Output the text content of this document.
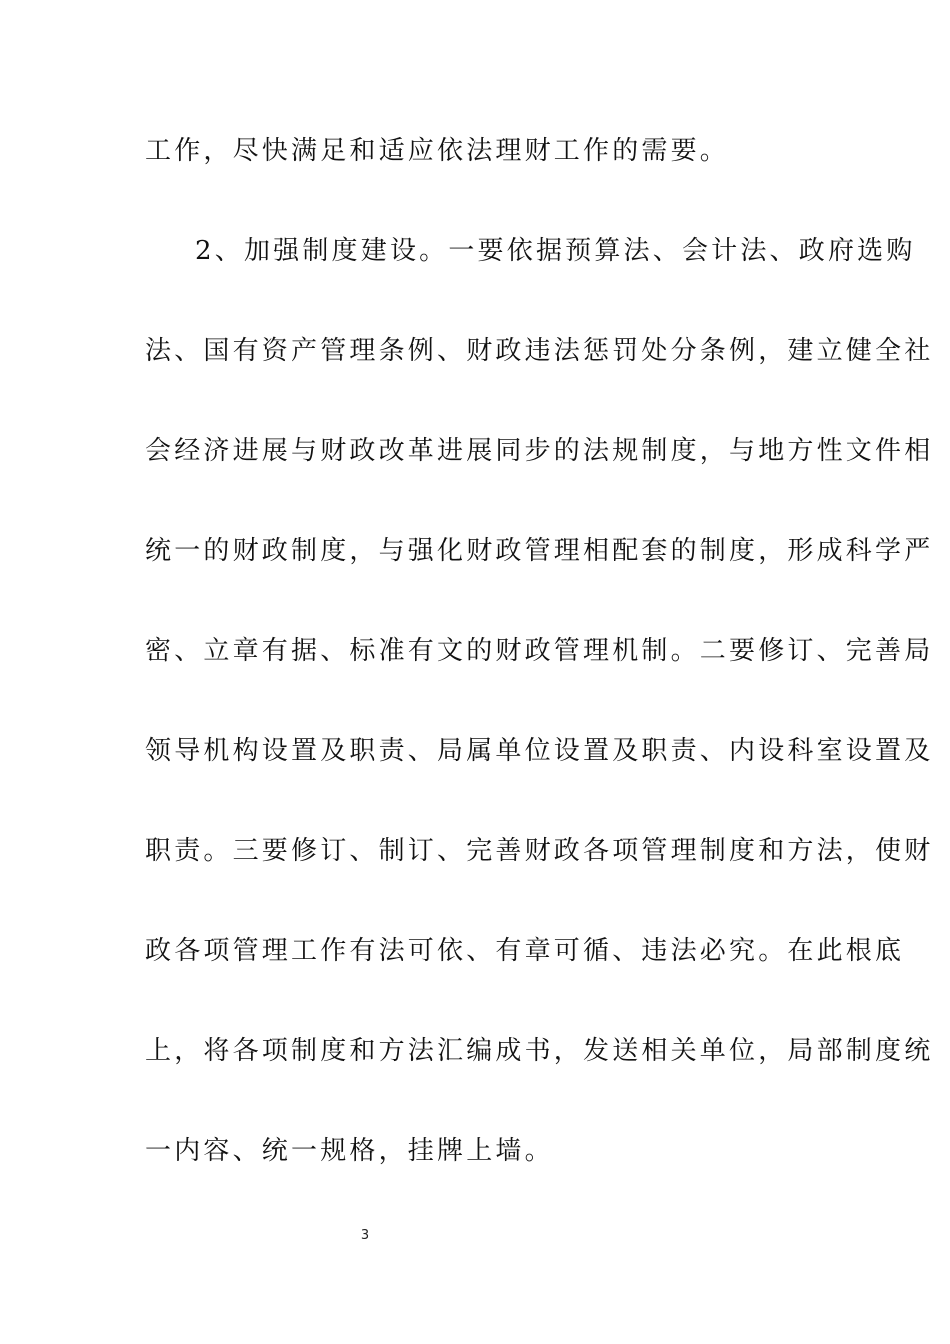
工作，尽快满足和适应依法理财工作的需要。
2、加强制度建设。一要依据预算法、会计法、政府选购
法、国有资产管理条例、财政违法惩罚处分条例，建立健全社
会经济进展与财政改革进展同步的法规制度，与地方性文件相
统一的财政制度，与强化财政管理相配套的制度，形成科学严
密、立章有据、标准有文的财政管理机制。二要修订、完善局
领导机构设置及职责、局属单位设置及职责、内设科室设置及
职责。三要修订、制订、完善财政各项管理制度和方法，使财
政各项管理工作有法可依、有章可循、违法必究。在此根底
上，将各项制度和方法汇编成书，发送相关单位，局部制度统
一内容、统一规格，挂牌上墙。
3
